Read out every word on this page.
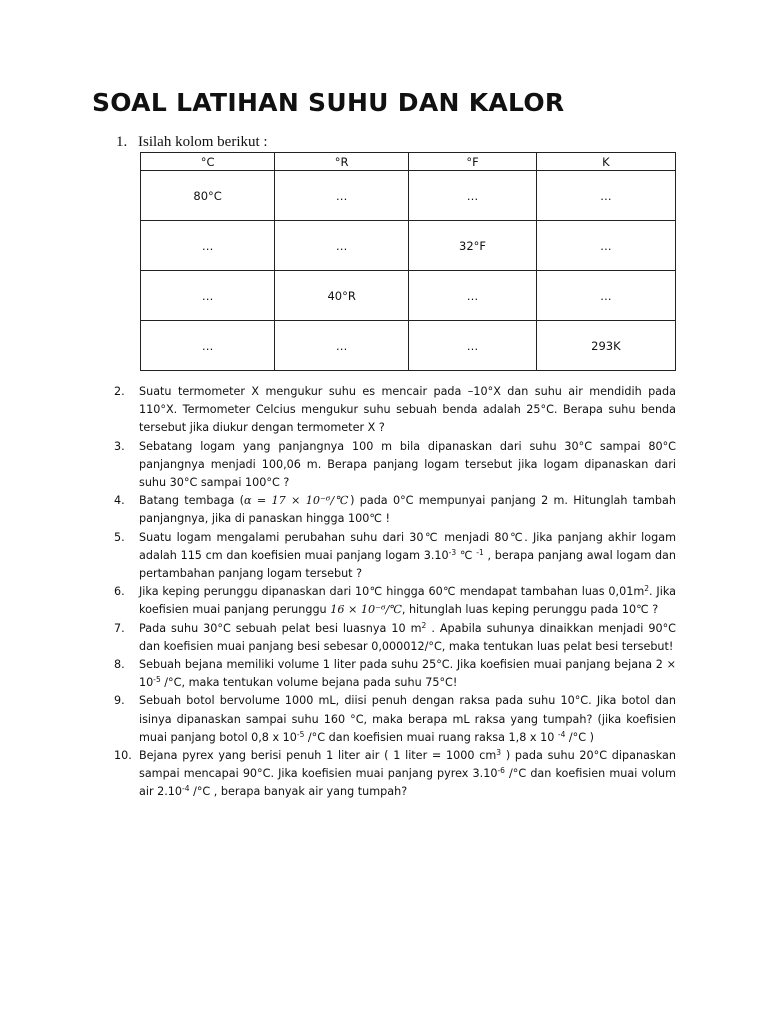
SOAL LATIHAN SUHU DAN KALOR
1. Isilah kolom berikut :
°C	°R	°F	K
80°C	…	…	…
…	…	32°F	…
…	40°R	…	…
…	…	…	293K
2. Suatu termometer X mengukur suhu es mencair pada –10°X dan suhu air mendidih pada 110°X. Termometer Celcius mengukur suhu sebuah benda adalah 25°C. Berapa suhu benda tersebut jika diukur dengan termometer X ?
3. Sebatang logam yang panjangnya 100 m bila dipanaskan dari suhu 30°C sampai 80°C panjangnya menjadi 100,06 m. Berapa panjang logam tersebut jika logam dipanaskan dari suhu 30°C sampai 100°C ?
4. Batang tembaga (α = 17 × 10⁻⁶/℃) pada 0°C mempunyai panjang 2 m. Hitunglah tambah panjangnya, jika di panaskan hingga 100℃ !
5. Suatu logam mengalami perubahan suhu dari 30℃ menjadi 80℃. Jika panjang akhir logam adalah 115 cm dan koefisien muai panjang logam $3.10^{-3}$ ℃ $^{-1}$ , berapa panjang awal logam dan pertambahan panjang logam tersebut ?
6. Jika keping perunggu dipanaskan dari 10℃ hingga 60℃ mendapat tambahan luas $0,01m^2$. Jika koefisien muai panjang perunggu 16 × 10⁻⁶/℃, hitunglah luas keping perunggu pada 10℃ ?
7. Pada suhu 30°C sebuah pelat besi luasnya 10 $m^2$ . Apabila suhunya dinaikkan menjadi 90°C dan koefisien muai panjang besi sebesar 0,000012/°C, maka tentukan luas pelat besi tersebut!
8. Sebuah bejana memiliki volume 1 liter pada suhu 25°C. Jika koefisien muai panjang bejana $2 \times 10^{-5}$ /°C, maka tentukan volume bejana pada suhu 75°C!
9. Sebuah botol bervolume 1000 mL, diisi penuh dengan raksa pada suhu 10°C. Jika botol dan isinya dipanaskan sampai suhu 160 °C, maka berapa mL raksa yang tumpah? (jika koefisien muai panjang botol 0,8 x $10^{-5}$ /°C dan koefisien muai ruang raksa 1,8 x 10 $^{-4}$ /°C )
10. Bejana pyrex yang berisi penuh 1 liter air ( 1 liter = 1000 $cm^3$ ) pada suhu 20°C dipanaskan sampai mencapai 90°C. Jika koefisien muai panjang pyrex $3.10^{-6}$ /°C dan koefisien muai volum air $2.10^{-4}$ /°C , berapa banyak air yang tumpah?
